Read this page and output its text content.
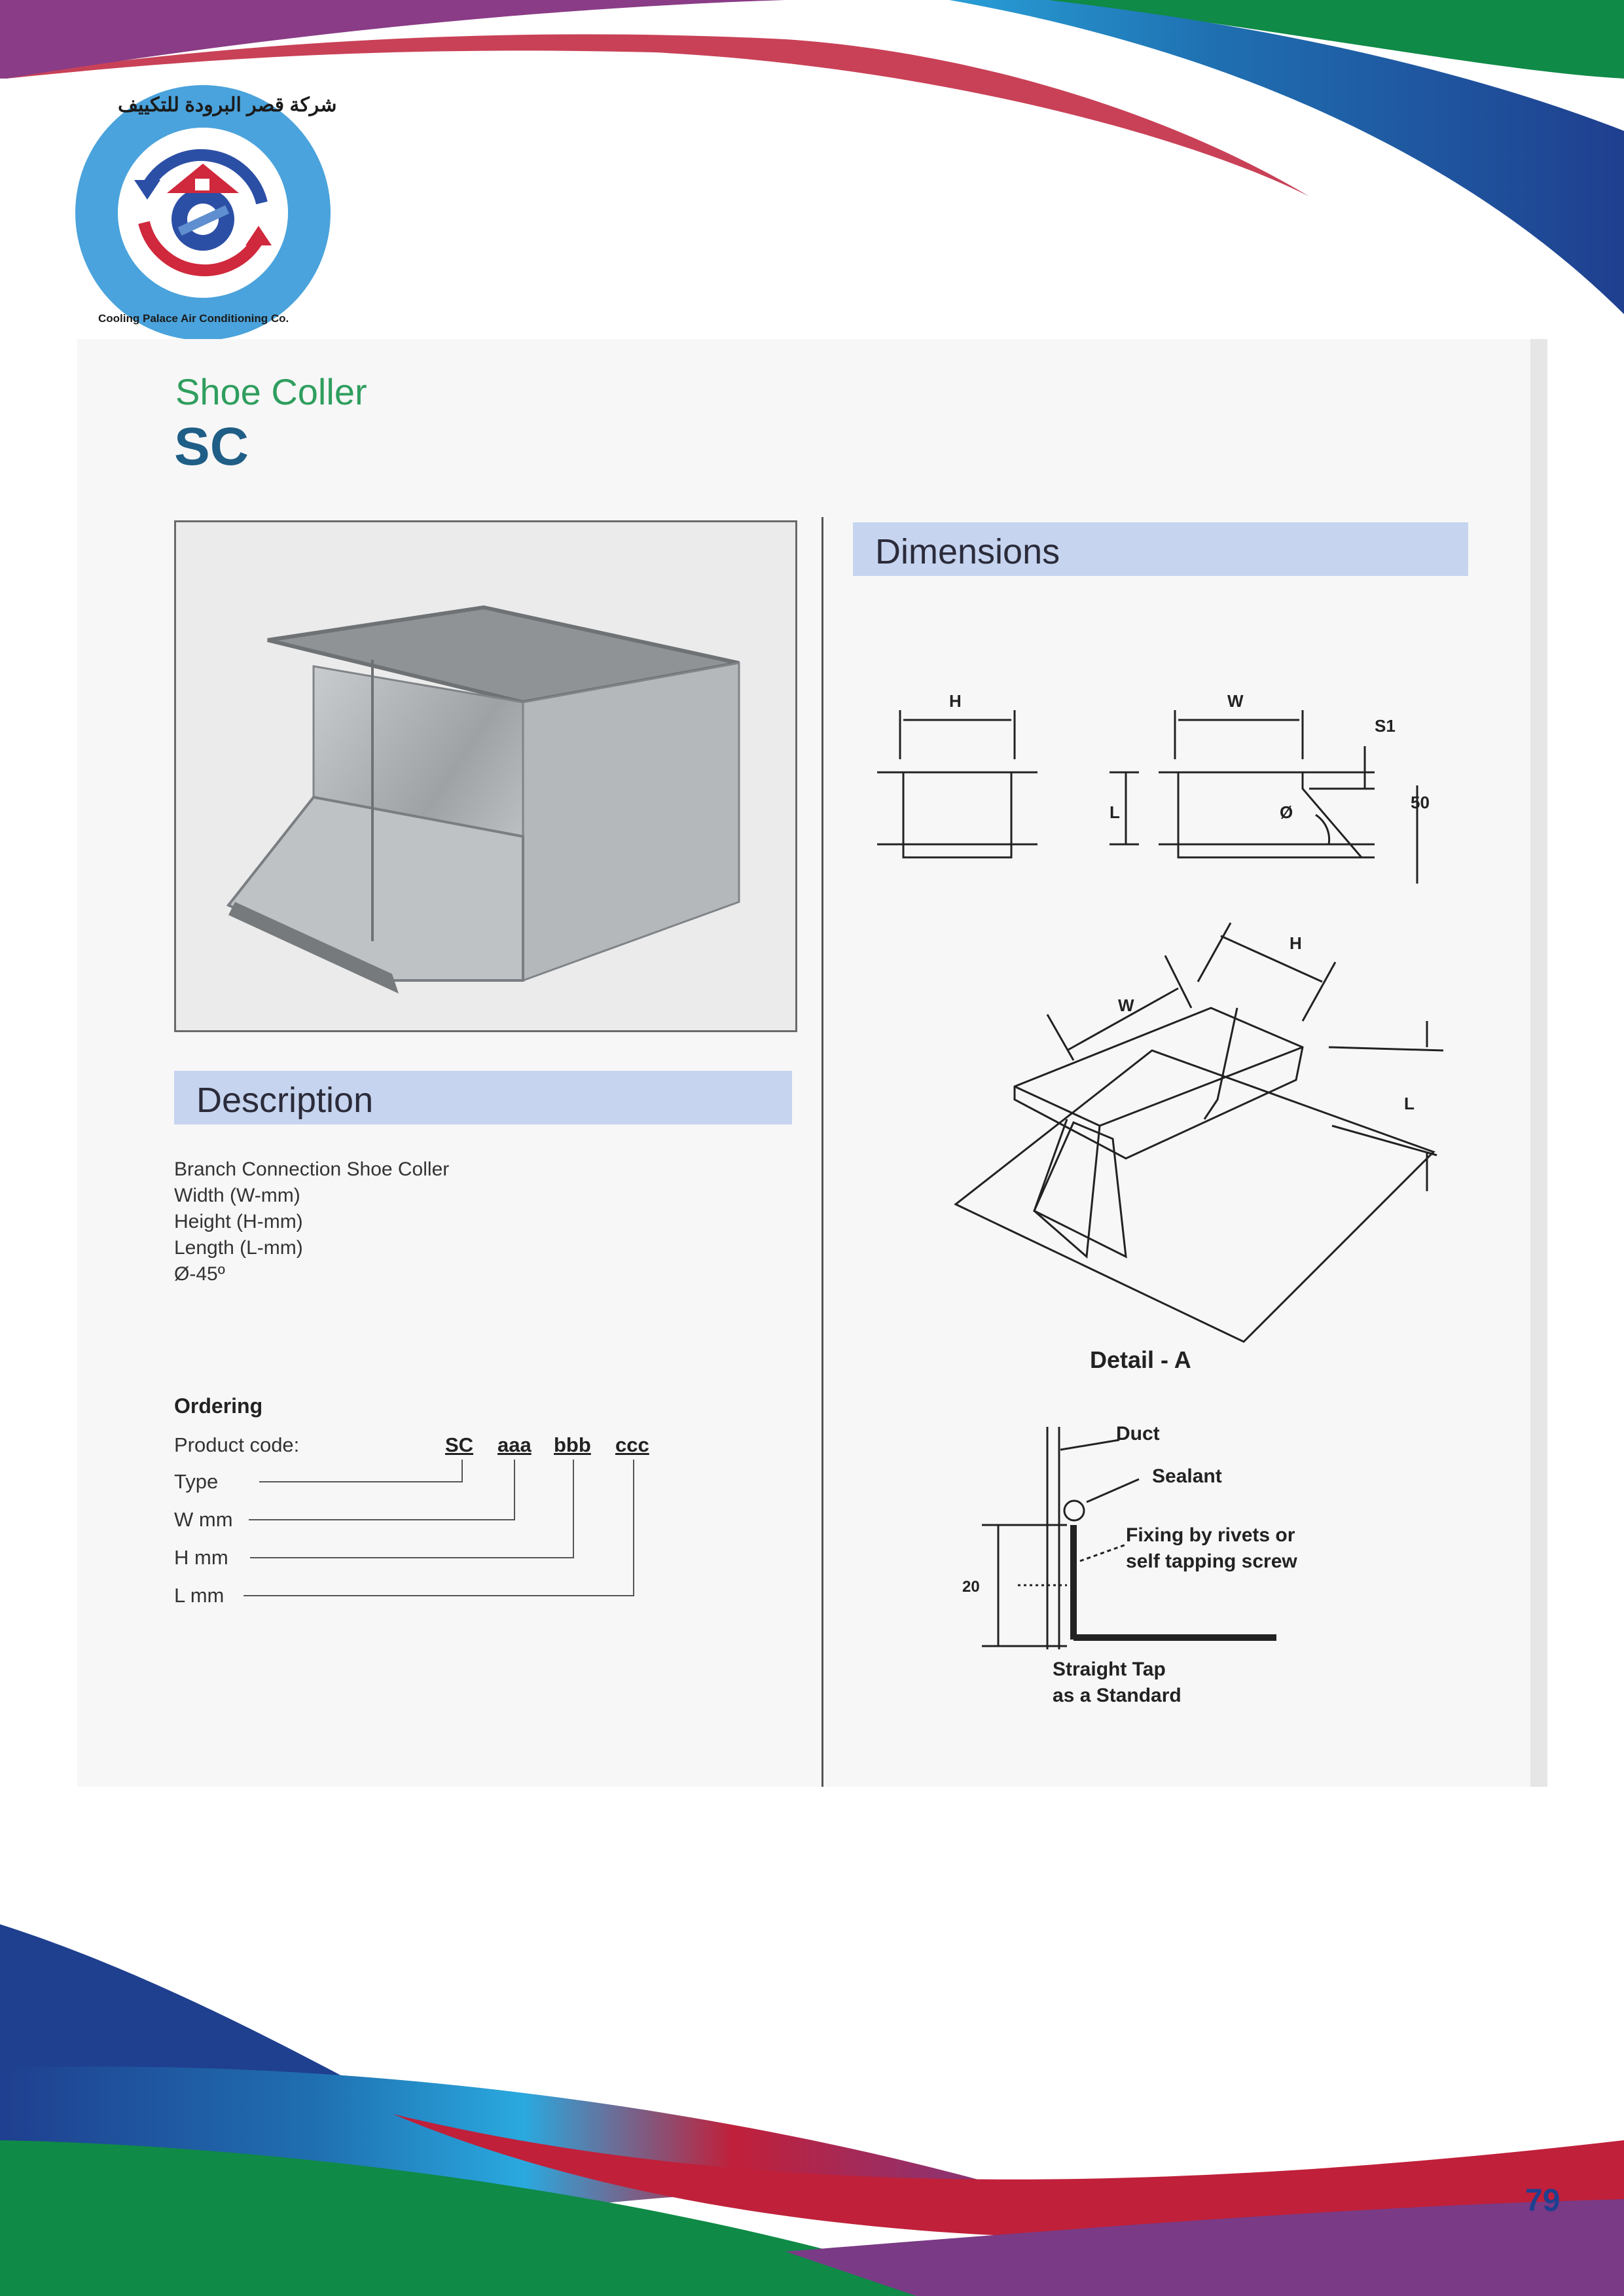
شركة قصر البرودة للتكييف
Cooling Palace Air Conditioning Co.
Shoe Coller
SC
Description
Branch Connection Shoe Coller
Width (W-mm)
Height (H-mm)
Length (L-mm)
Ø-45º
Ordering
Product code:	SC aaa bbb ccc
Type
W mm
H mm
L mm
Dimensions
H	W
S1
L	Ø	50
H
W
L
Detail - A
Duct
Sealant
Fixing by rivets or
self tapping screw
20
Straight Tap
as a Standard
79
